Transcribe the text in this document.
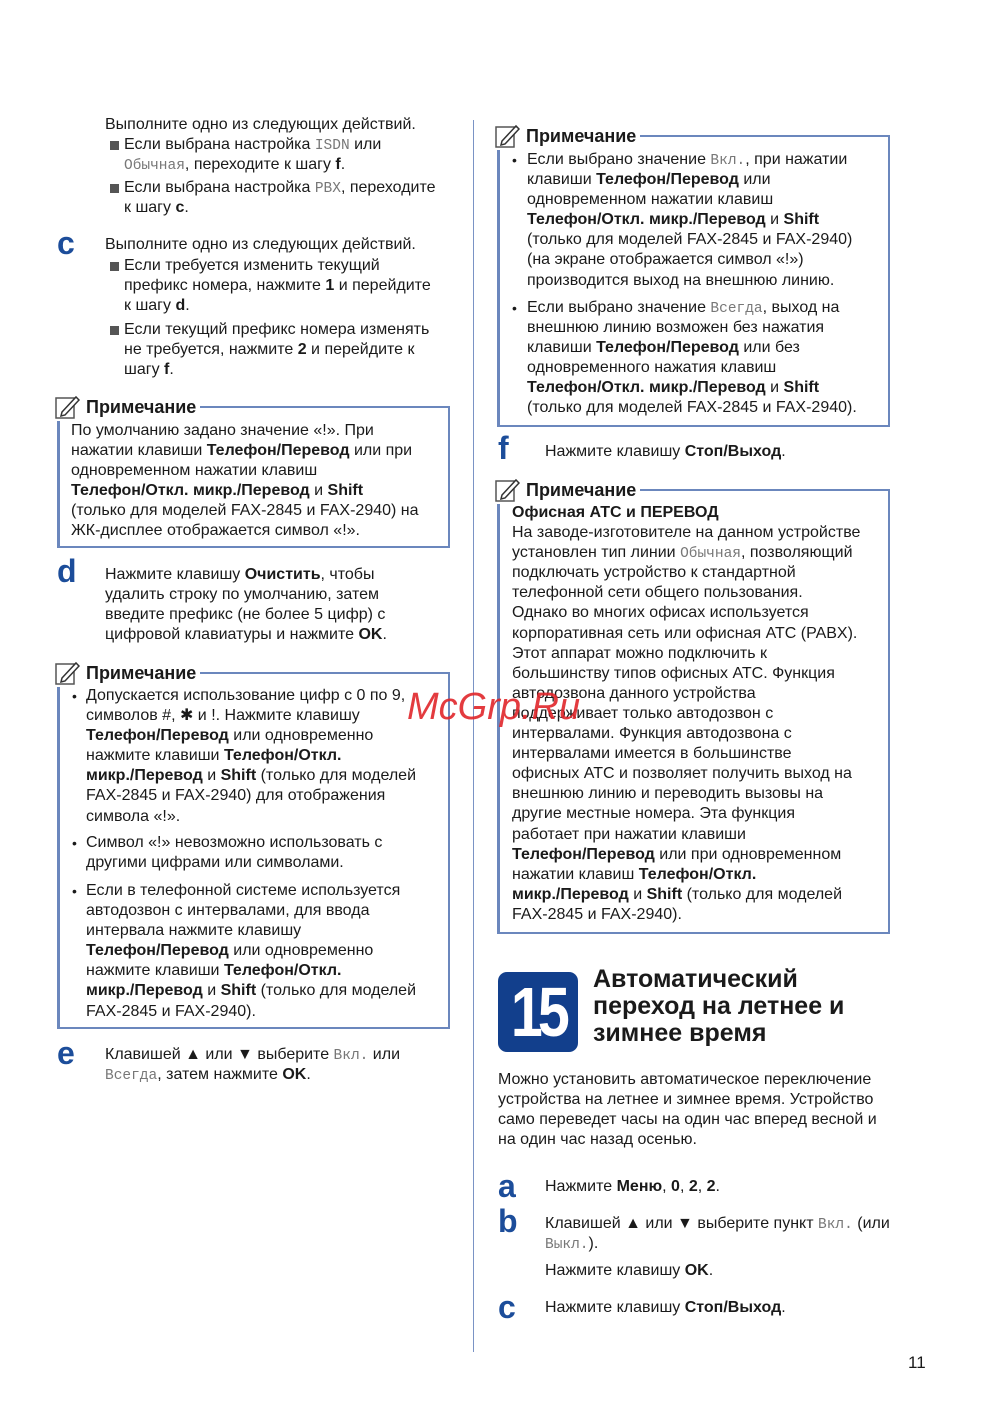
Выполните одно из следующих действий.
Если выбрана настройка ISDN или
Обычная, переходите к шагу f.
Если выбрана настройка PBX, переходите
к шагу c.
c Выполните одно из следующих действий.
Если требуется изменить текущий
префикс номера, нажмите 1 и перейдите
к шагу d.
Если текущий префикс номера изменять
не требуется, нажмите 2 и перейдите к
шагу f.
Примечание
По умолчанию задано значение «!». При
нажатии клавиши Телефон/Перевод или при
одновременном нажатии клавиш
Телефон/Откл. микр./Перевод и Shift
(только для моделей FAX-2845 и FAX-2940) на
ЖК-дисплее отображается символ «!».
d Нажмите клавишу Очистить, чтобы
удалить строку по умолчанию, затем
введите префикс (не более 5 цифр) с
цифровой клавиатуры и нажмите OK.
Примечание
• Допускается использование цифр с 0 по 9,
символов #, ✱ и !. Нажмите клавишу
Телефон/Перевод или одновременно
нажмите клавиши Телефон/Откл.
микр./Перевод и Shift (только для моделей
FAX-2845 и FAX-2940) для отображения
символа «!».
• Символ «!» невозможно использовать с
другими цифрами или символами.
• Если в телефонной системе используется
автодозвон с интервалами, для ввода
интервала нажмите клавишу
Телефон/Перевод или одновременно
нажмите клавиши Телефон/Откл.
микр./Перевод и Shift (только для моделей
FAX-2845 и FAX-2940).
e Клавишей ▲ или ▼ выберите Вкл. или
Всегда, затем нажмите OK.
Примечание
• Если выбрано значение Вкл., при нажатии
клавиши Телефон/Перевод или
одновременном нажатии клавиш
Телефон/Откл. микр./Перевод и Shift
(только для моделей FAX-2845 и FAX-2940)
(на экране отображается символ «!»)
производится выход на внешнюю линию.
• Если выбрано значение Всегда, выход на
внешнюю линию возможен без нажатия
клавиши Телефон/Перевод или без
одновременного нажатия клавиш
Телефон/Откл. микр./Перевод и Shift
(только для моделей FAX-2845 и FAX-2940).
f Нажмите клавишу Стоп/Выход.
Примечание
Офисная АТС и ПЕРЕВОД
На заводе-изготовителе на данном устройстве
установлен тип линии Обычная, позволяющий
подключать устройство к стандартной
телефонной сети общего пользования.
Однако во многих офисах используется
корпоративная сеть или офисная АТС (PABX).
Этот аппарат можно подключить к
большинству типов офисных АТС. Функция
автодозвона данного устройства
поддерживает только автодозвон с
интервалами. Функция автодозвона с
интервалами имеется в большинстве
офисных АТС и позволяет получить выход на
внешнюю линию и переводить вызовы на
другие местные номера. Эта функция
работает при нажатии клавиши
Телефон/Перевод или при одновременном
нажатии клавиш Телефон/Откл.
микр./Перевод и Shift (только для моделей
FAX-2845 и FAX-2940).
15	Автоматический
переход на летнее и
зимнее время
Можно установить автоматическое переключение
устройства на летнее и зимнее время. Устройство
само переведет часы на один час вперед весной и
на один час назад осенью.
a Нажмите Меню, 0, 2, 2.
b Клавишей ▲ или ▼ выберите пункт Вкл. (или
Выкл.).
Нажмите клавишу OK.
c Нажмите клавишу Стоп/Выход.
11
McGrp.Ru
